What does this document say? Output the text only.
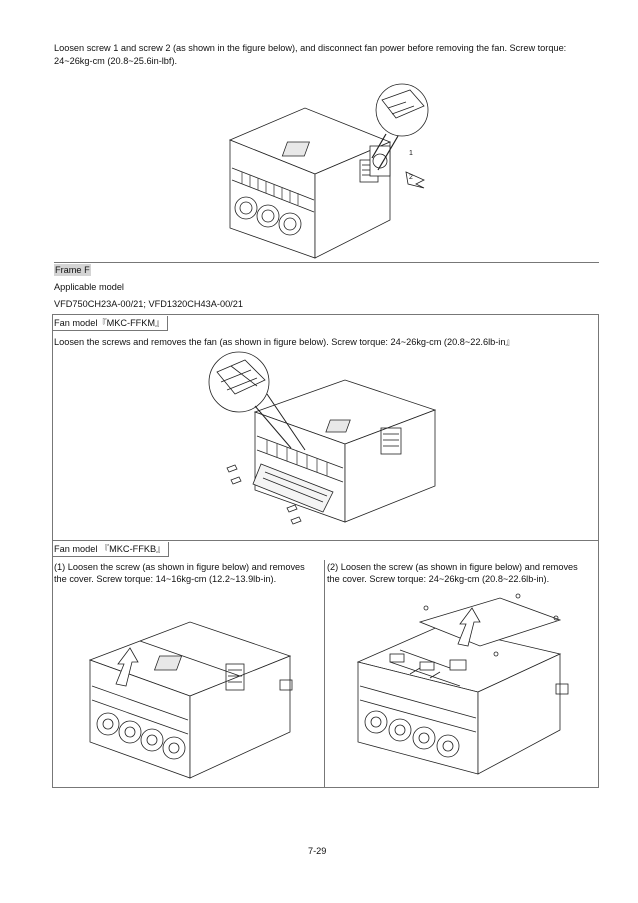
Loosen screw 1 and screw 2 (as shown in the figure below), and disconnect fan power before removing the fan. Screw torque:
24~26kg-cm (20.8~25.6in-lbf).
1
2
Frame F
Applicable model
VFD750CH23A-00/21; VFD1320CH43A-00/21
Fan model『MKC-FFKM』
Loosen the screws and removes the fan (as shown in figure below). Screw torque: 24~26kg-cm (20.8~22.6lb-in』
Fan model 『MKC-FFKB』
(1) Loosen the screw (as shown in figure below) and removes
the cover. Screw torque: 14~16kg-cm (12.2~13.9lb-in).
(2) Loosen the screw (as shown in figure below) and removes
the cover. Screw torque: 24~26kg-cm (20.8~22.6lb-in).
7-29
